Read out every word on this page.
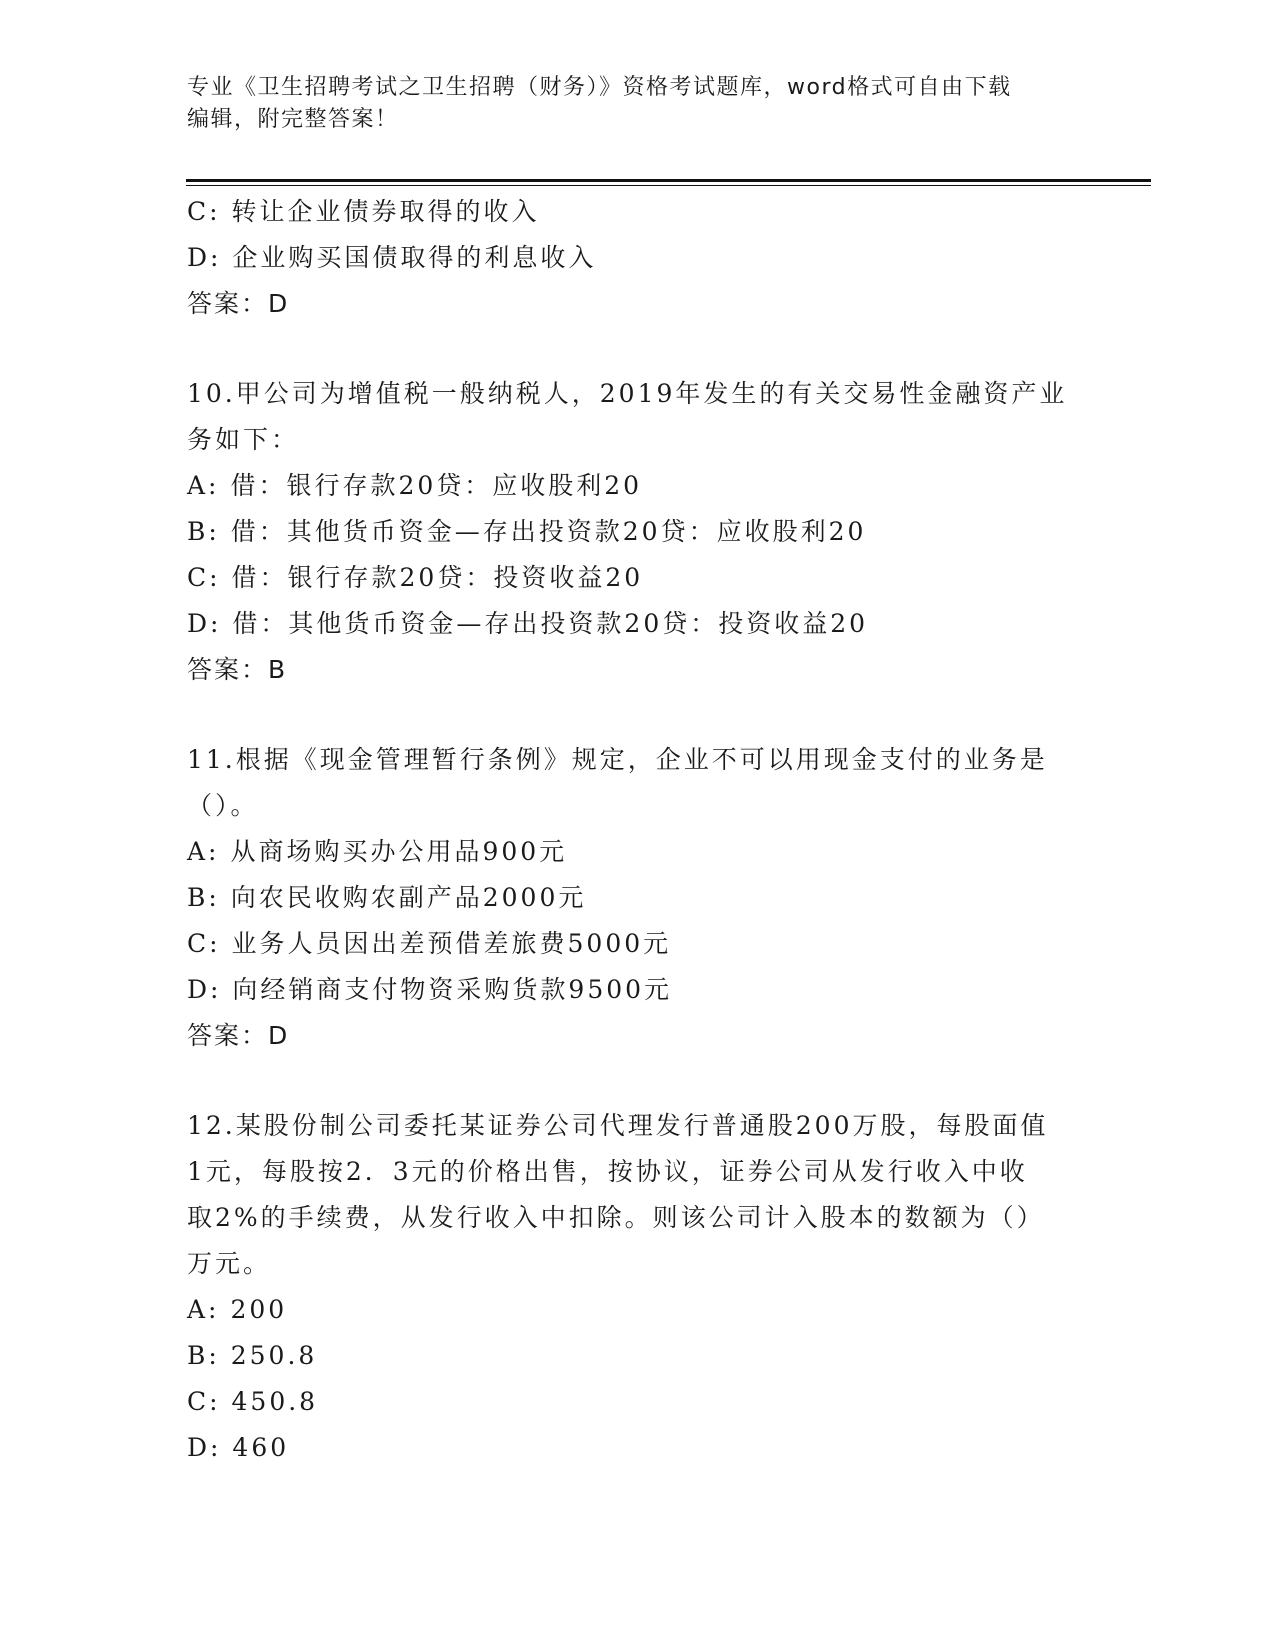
专业《卫生招聘考试之卫生招聘（财务）》资格考试题库，word格式可自由下载
编辑，附完整答案！
C: 转让企业债券取得的收入
D: 企业购买国债取得的利息收入
答案：D
10.甲公司为增值税一般纳税人，2019年发生的有关交易性金融资产业
务如下：
A: 借：银行存款20贷：应收股利20
B: 借：其他货币资金—存出投资款20贷：应收股利20
C: 借：银行存款20贷：投资收益20
D: 借：其他货币资金—存出投资款20贷：投资收益20
答案：B
11.根据《现金管理暂行条例》规定，企业不可以用现金支付的业务是
（）。
A: 从商场购买办公用品900元
B: 向农民收购农副产品2000元
C: 业务人员因出差预借差旅费5000元
D: 向经销商支付物资采购货款9500元
答案：D
12.某股份制公司委托某证券公司代理发行普通股200万股，每股面值
1元，每股按2．3元的价格出售，按协议，证券公司从发行收入中收
取2%的手续费，从发行收入中扣除。则该公司计入股本的数额为（）
万元。
A: 200
B: 250.8
C: 450.8
D: 460
